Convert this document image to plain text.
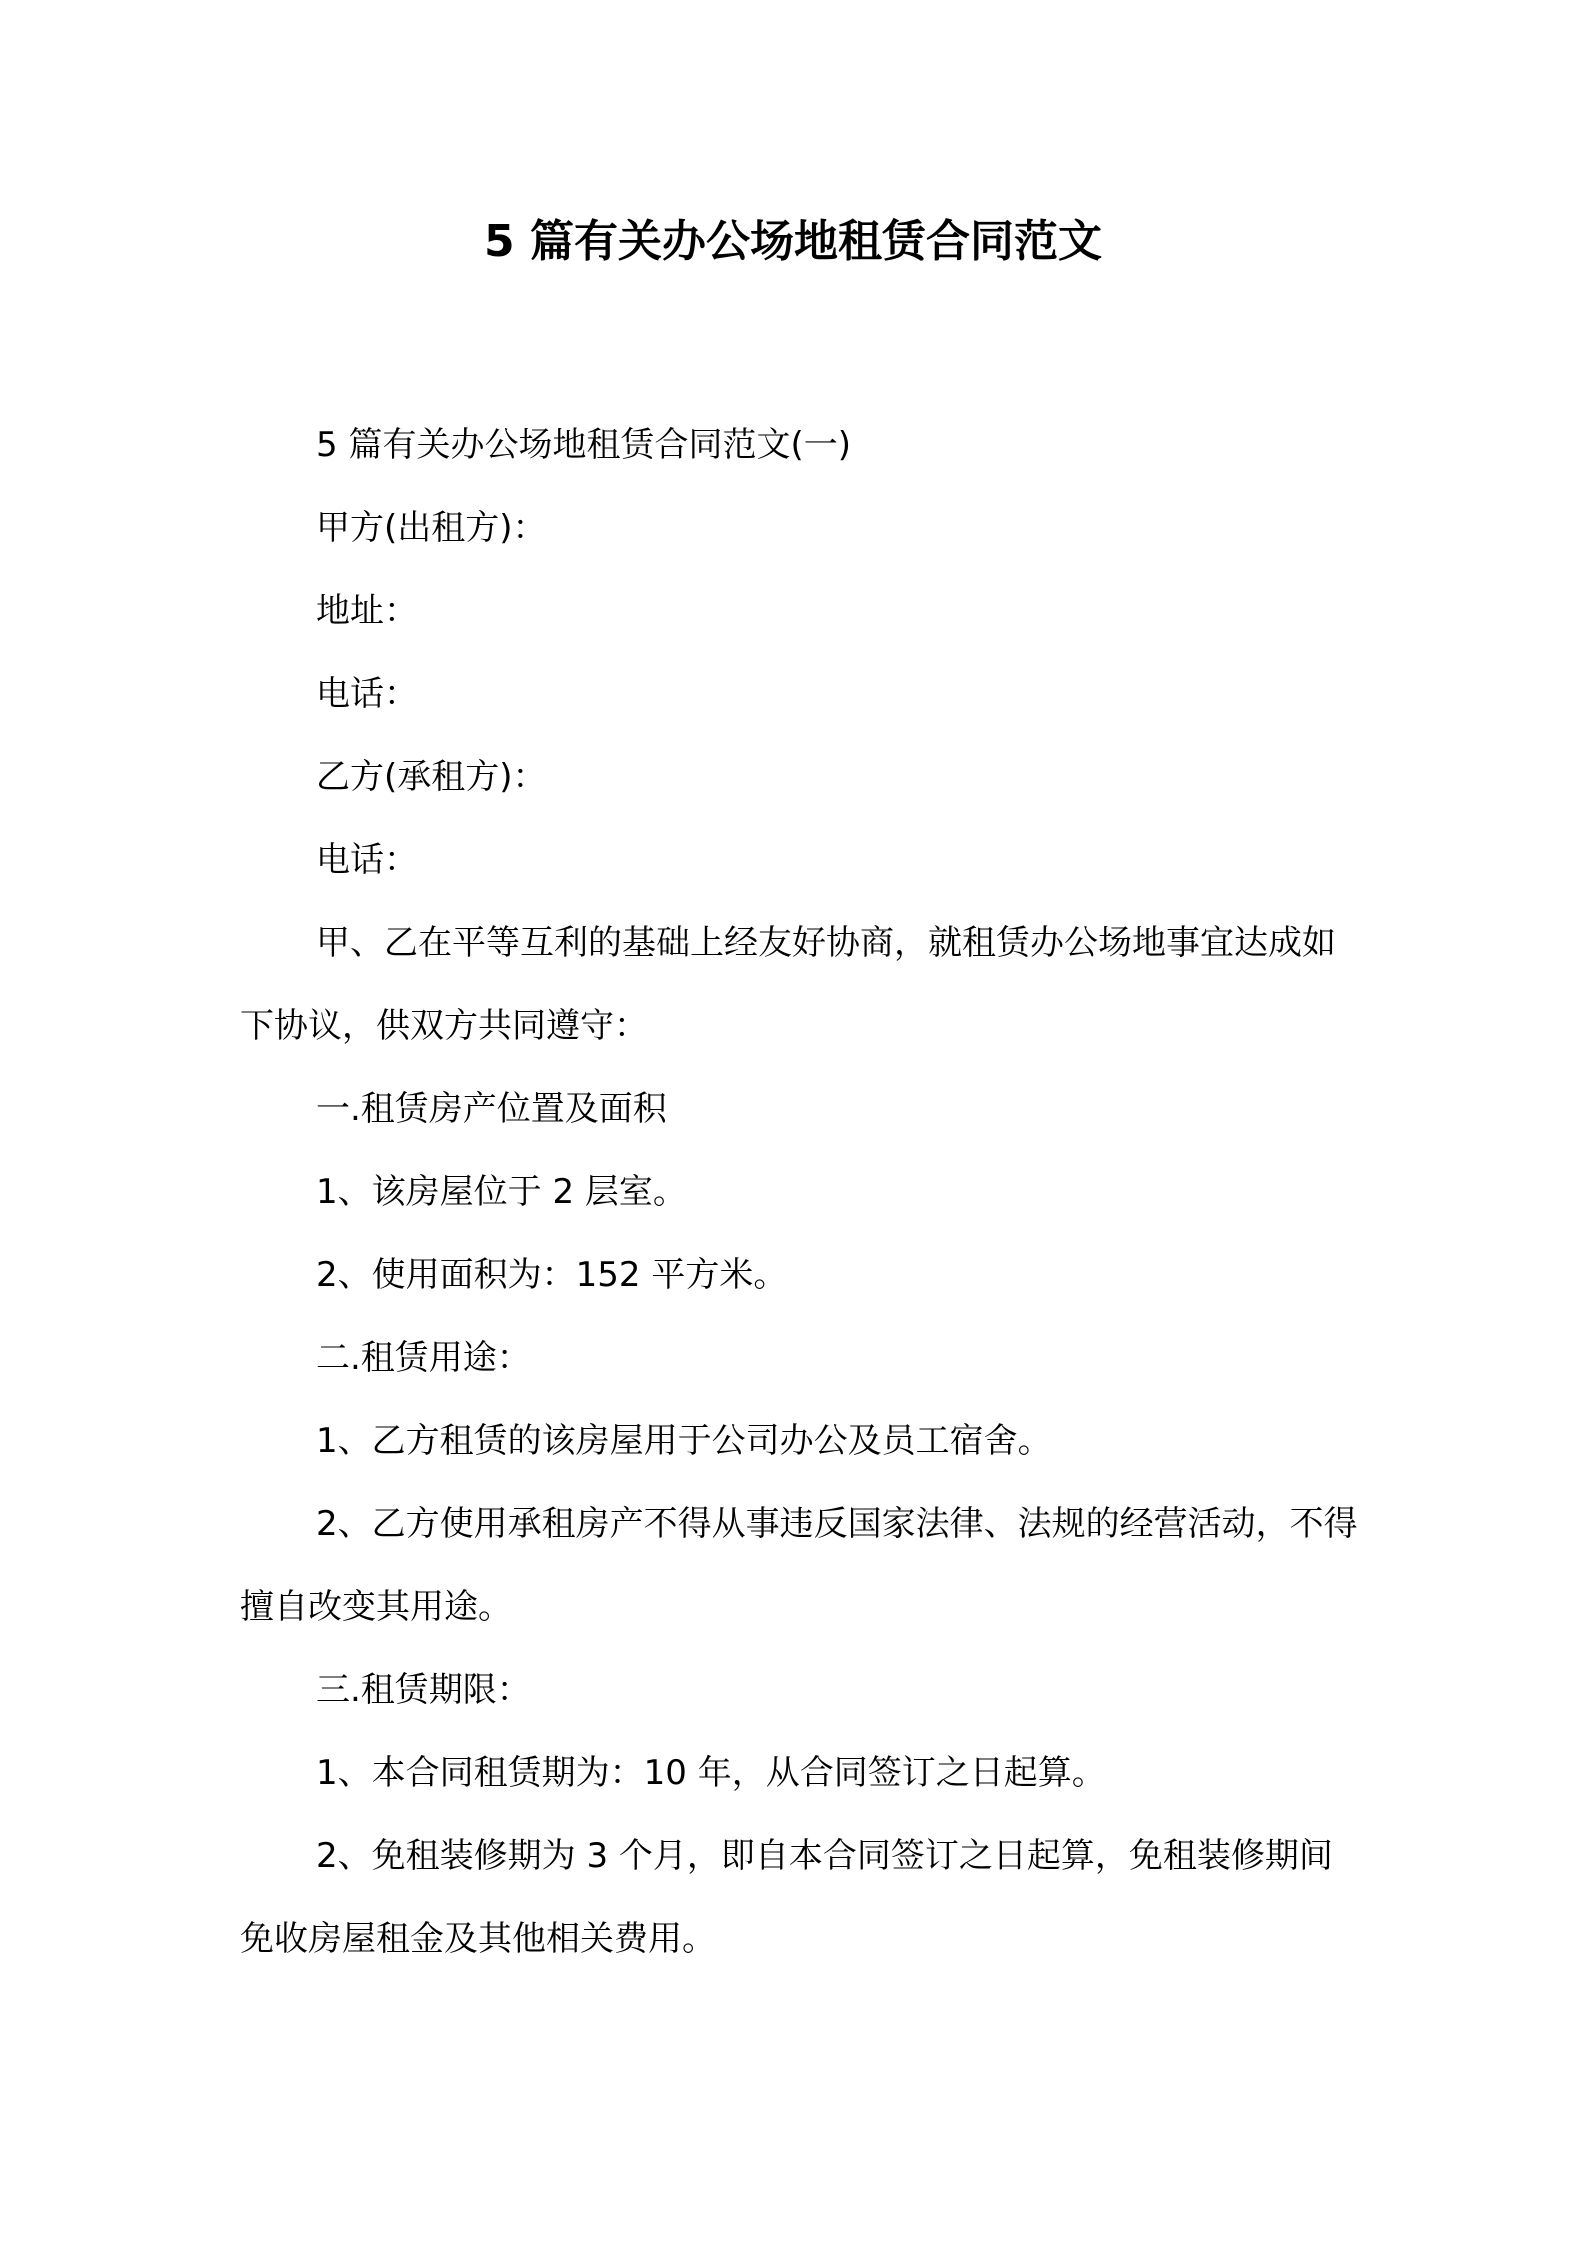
5 篇有关办公场地租赁合同范文

5 篇有关办公场地租赁合同范文(一)

甲方(出租方)：

地址：

电话：

乙方(承租方)：

电话：

甲、乙在平等互利的基础上经友好协商，就租赁办公场地事宜达成如下协议，供双方共同遵守：

一.租赁房产位置及面积

1、该房屋位于 2 层室。

2、使用面积为：152 平方米。

二.租赁用途：

1、乙方租赁的该房屋用于公司办公及员工宿舍。

2、乙方使用承租房产不得从事违反国家法律、法规的经营活动，不得擅自改变其用途。

三.租赁期限：

1、本合同租赁期为：10 年，从合同签订之日起算。

2、免租装修期为 3 个月，即自本合同签订之日起算，免租装修期间免收房屋租金及其他相关费用。
